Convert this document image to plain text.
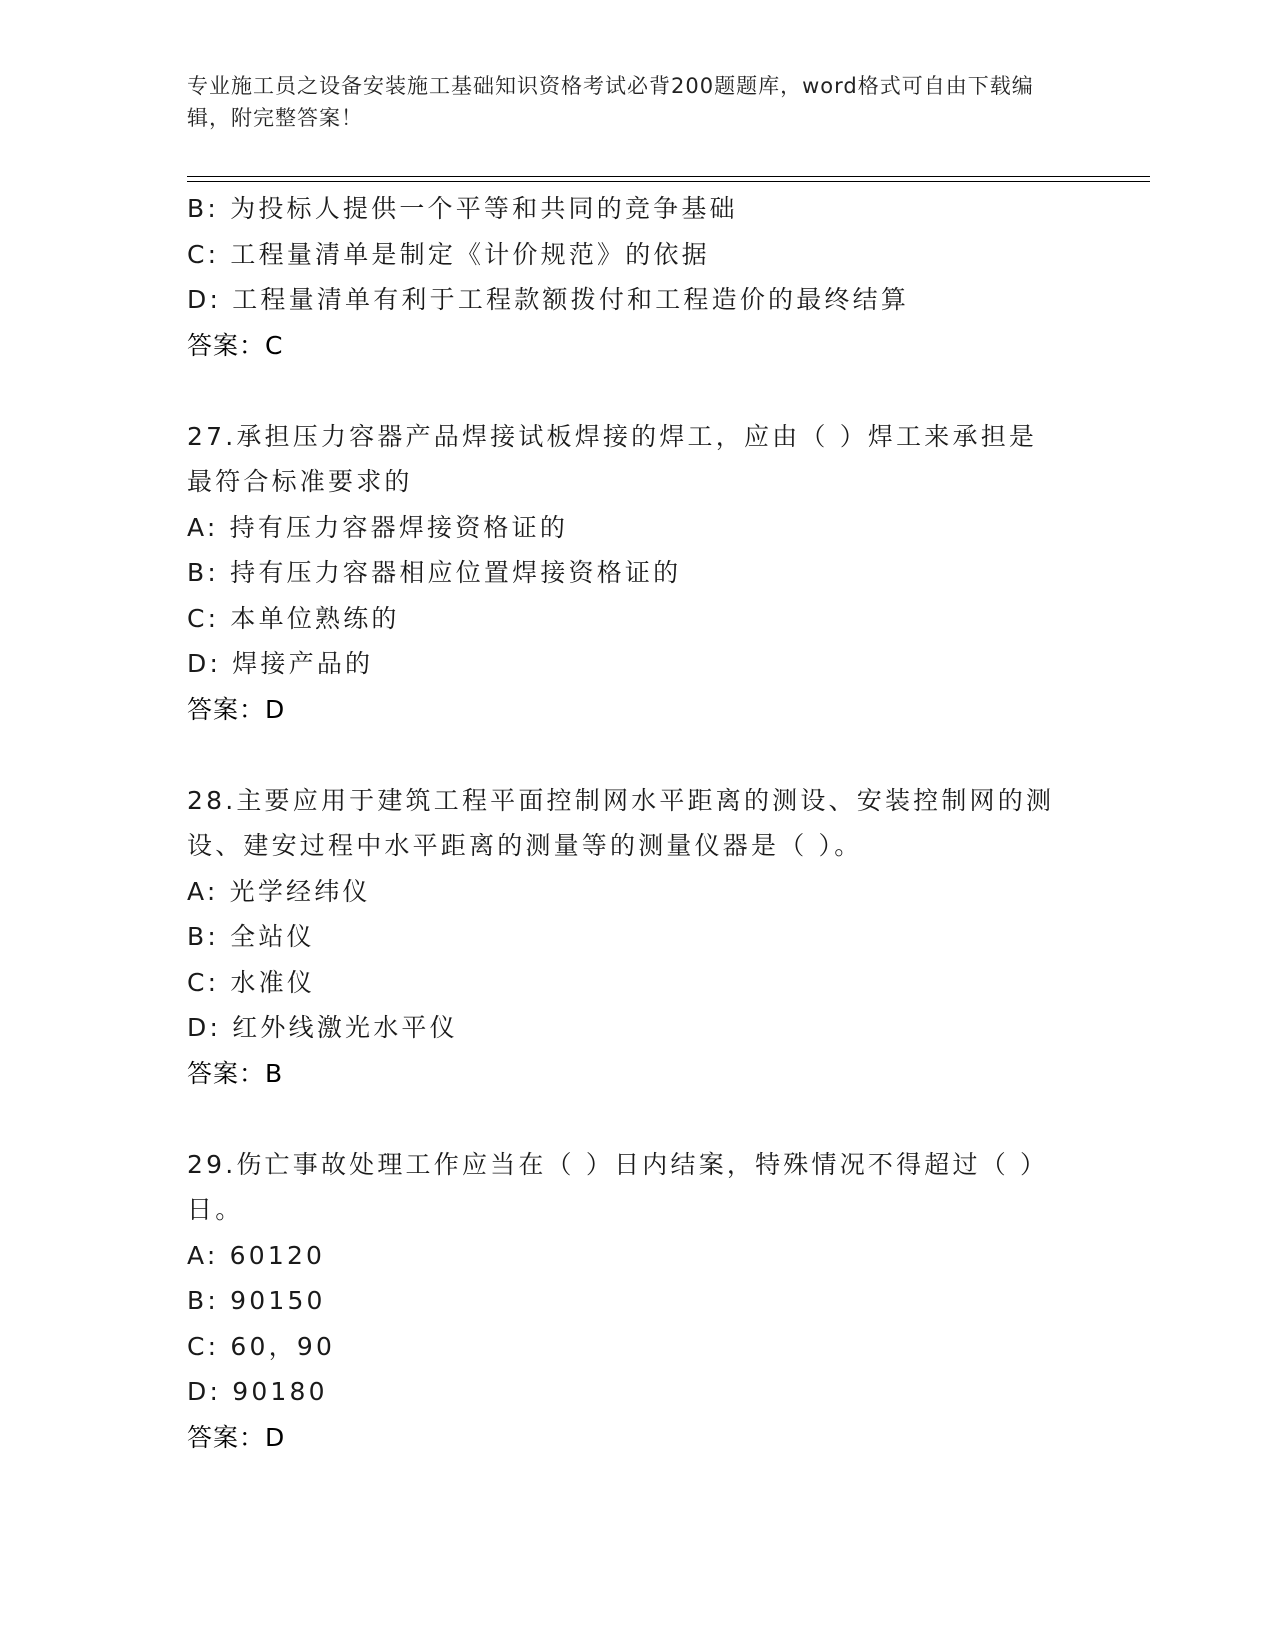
专业施工员之设备安装施工基础知识资格考试必背200题题库，word格式可自由下载编辑，附完整答案！
B: 为投标人提供一个平等和共同的竞争基础
C: 工程量清单是制定《计价规范》的依据
D: 工程量清单有利于工程款额拨付和工程造价的最终结算
答案：C
27.承担压力容器产品焊接试板焊接的焊工，应由（ ）焊工来承担是
最符合标准要求的
A: 持有压力容器焊接资格证的
B: 持有压力容器相应位置焊接资格证的
C: 本单位熟练的
D: 焊接产品的
答案：D
28.主要应用于建筑工程平面控制网水平距离的测设、安装控制网的测
设、建安过程中水平距离的测量等的测量仪器是（ ）。
A: 光学经纬仪
B: 全站仪
C: 水准仪
D: 红外线激光水平仪
答案：B
29.伤亡事故处理工作应当在（ ）日内结案，特殊情况不得超过（ ）
日。
A: 60120
B: 90150
C: 60，90
D: 90180
答案：D
